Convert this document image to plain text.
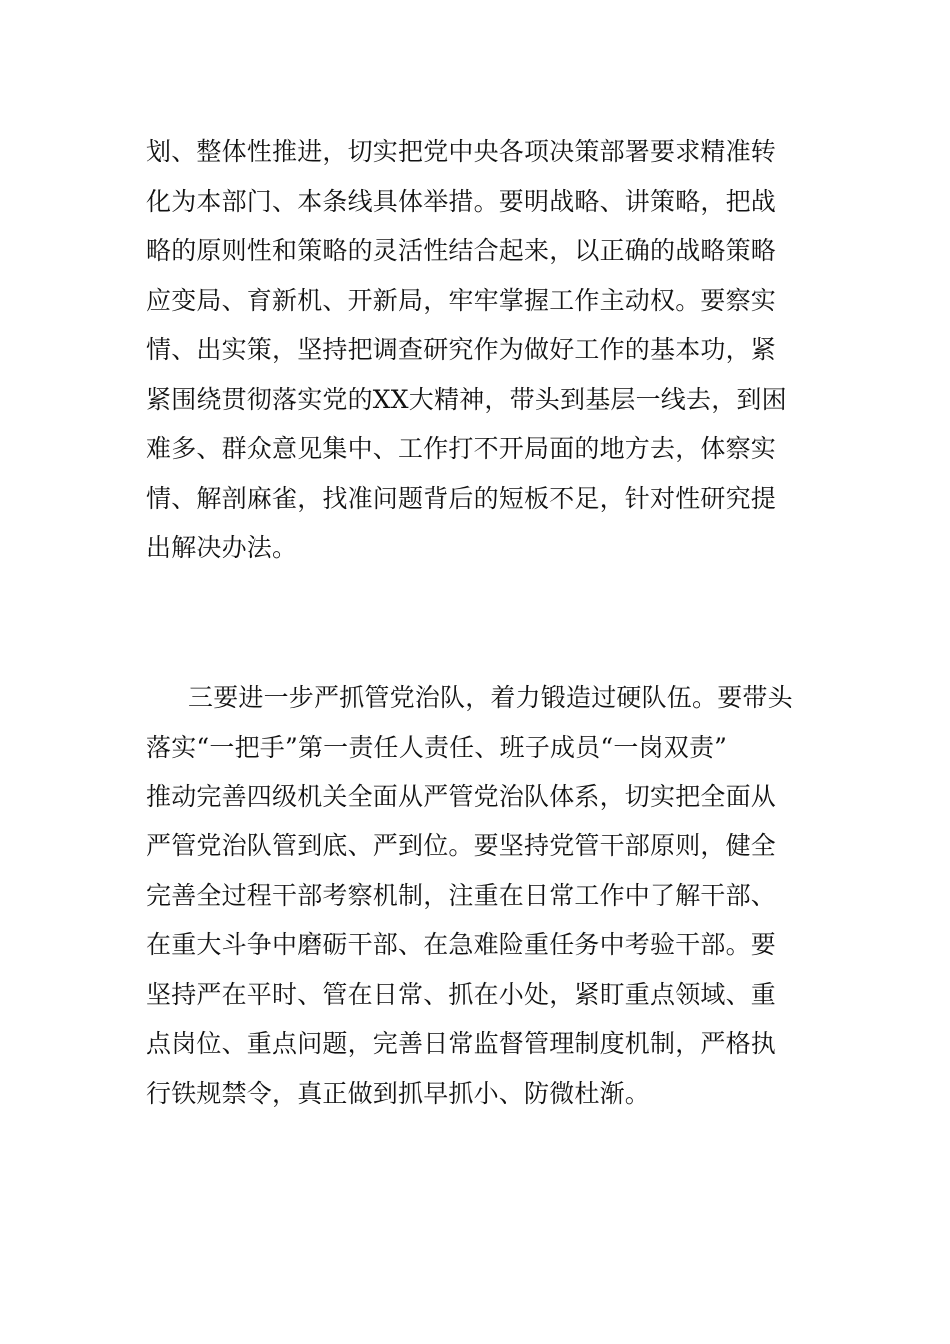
划、整体性推进，切实把党中央各项决策部署要求精准转
化为本部门、本条线具体举措。要明战略、讲策略，把战
略的原则性和策略的灵活性结合起来，以正确的战略策略
应变局、育新机、开新局，牢牢掌握工作主动权。要察实
情、出实策，坚持把调查研究作为做好工作的基本功，紧
紧围绕贯彻落实党的XX大精神，带头到基层一线去，到困
难多、群众意见集中、工作打不开局面的地方去，体察实
情、解剖麻雀，找准问题背后的短板不足，针对性研究提
出解决办法。
三要进一步严抓管党治队，着力锻造过硬队伍。要带头
落实“一把手”第一责任人责任、班子成员“一岗双责”
推动完善四级机关全面从严管党治队体系，切实把全面从
严管党治队管到底、严到位。要坚持党管干部原则，健全
完善全过程干部考察机制，注重在日常工作中了解干部、
在重大斗争中磨砺干部、在急难险重任务中考验干部。要
坚持严在平时、管在日常、抓在小处，紧盯重点领域、重
点岗位、重点问题，完善日常监督管理制度机制，严格执
行铁规禁令，真正做到抓早抓小、防微杜渐。
